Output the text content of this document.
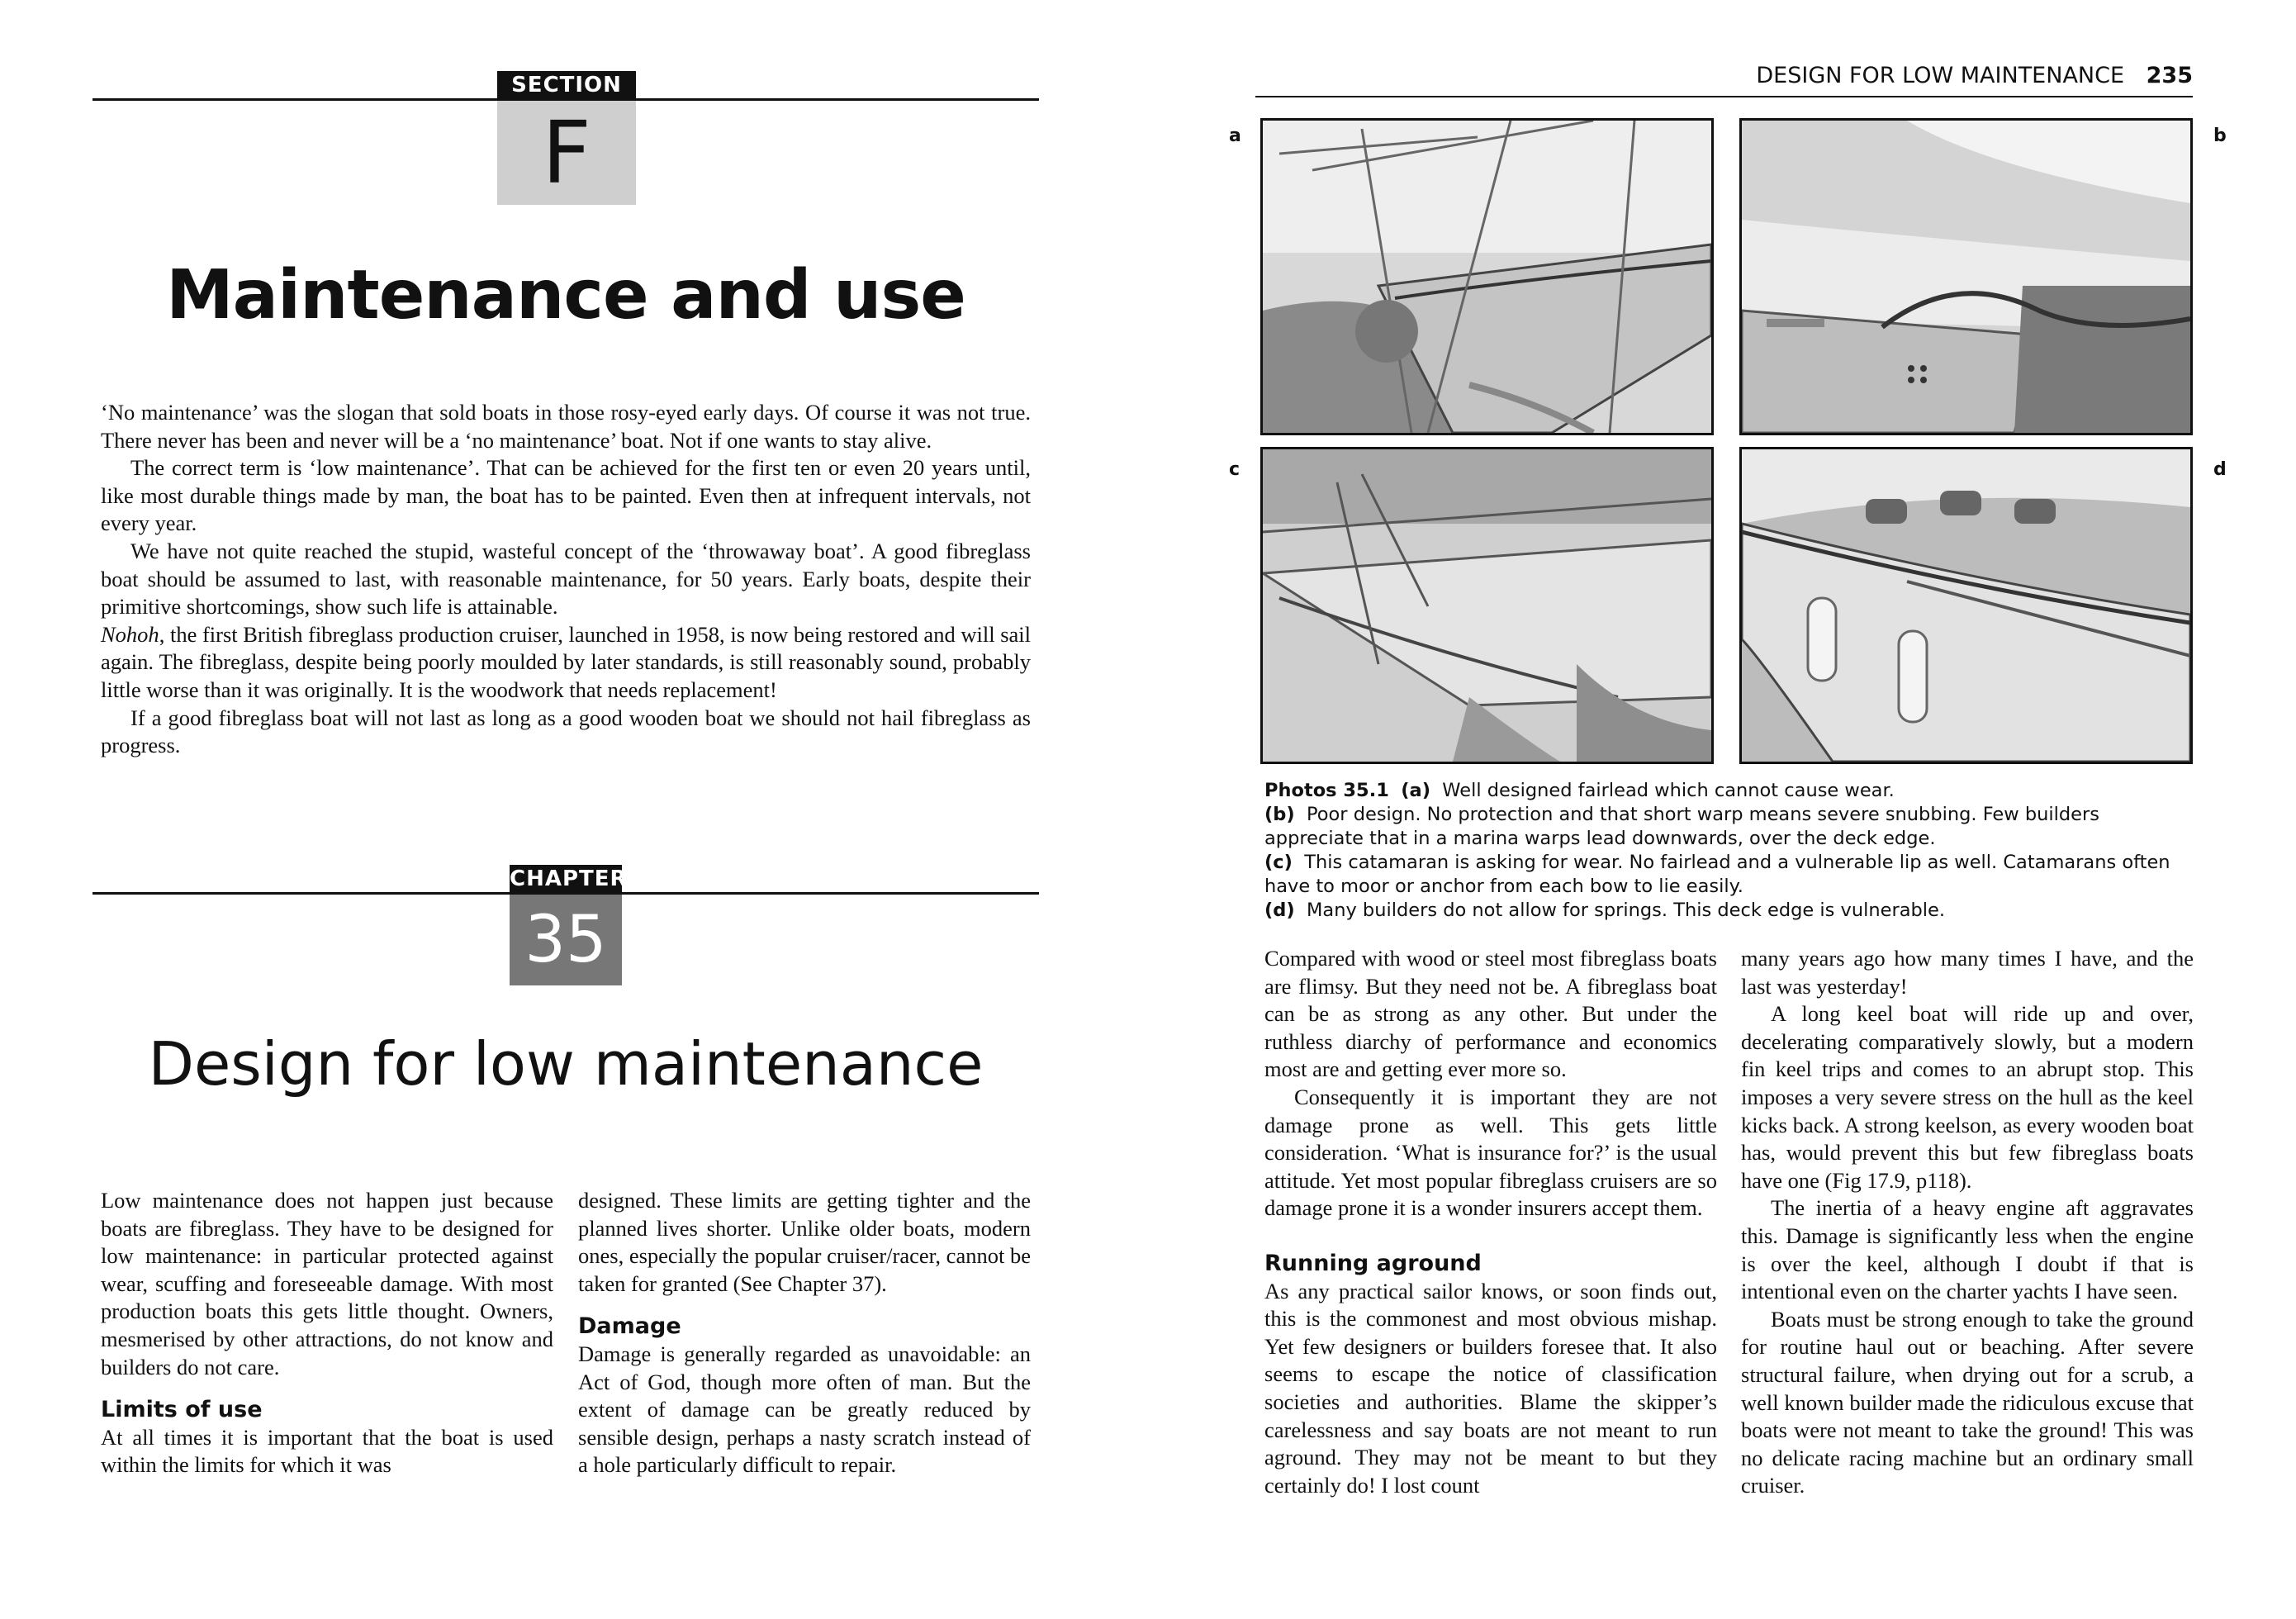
SECTION
F
Maintenance and use

‘No maintenance’ was the slogan that sold boats in those rosy-eyed early days. Of course it was not true. There never has been and never will be a ‘no maintenance’ boat. Not if one wants to stay alive.

The correct term is ‘low maintenance’. That can be achieved for the first ten or even 20 years until, like most durable things made by man, the boat has to be painted. Even then at infrequent intervals, not every year.

We have not quite reached the stupid, wasteful concept of the ‘throwaway boat’. A good fibreglass boat should be assumed to last, with reasonable maintenance, for 50 years. Early boats, despite their primitive shortcomings, show such life is attainable.

Nohoh, the first British fibreglass production cruiser, launched in 1958, is now being restored and will sail again. The fibreglass, despite being poorly moulded by later standards, is still reasonably sound, probably little worse than it was originally. It is the woodwork that needs replacement!

If a good fibreglass boat will not last as long as a good wooden boat we should not hail fibreglass as progress.

CHAPTER
35
Design for low maintenance

Low maintenance does not happen just because boats are fibreglass. They have to be designed for low maintenance: in particular protected against wear, scuffing and foreseeable damage. With most production boats this gets little thought. Owners, mesmerised by other attractions, do not know and builders do not care.

Limits of use

At all times it is important that the boat is used within the limits for which it was

designed. These limits are getting tighter and the planned lives shorter. Unlike older boats, modern ones, especially the popular cruiser/racer, cannot be taken for granted (See Chapter 37).

Damage

Damage is generally regarded as unavoidable: an Act of God, though more often of man. But the extent of damage can be greatly reduced by sensible design, perhaps a nasty scratch instead of a hole particularly difficult to repair.

DESIGN FOR LOW MAINTENANCE 235
a	b
c	d

Photos 35.1 (a) Well designed fairlead which cannot cause wear.

(b) Poor design. No protection and that short warp means severe snubbing. Few builders appreciate that in a marina warps lead downwards, over the deck edge.

(c) This catamaran is asking for wear. No fairlead and a vulnerable lip as well. Catamarans often have to moor or anchor from each bow to lie easily.

(d) Many builders do not allow for springs. This deck edge is vulnerable.

Compared with wood or steel most fibreglass boats are flimsy. But they need not be. A fibreglass boat can be as strong as any other. But under the ruthless diarchy of performance and economics most are and getting ever more so.

Consequently it is important they are not damage prone as well. This gets little consideration. ‘What is insurance for?’ is the usual attitude. Yet most popular fibreglass cruisers are so damage prone it is a wonder insurers accept them.

Running aground

As any practical sailor knows, or soon finds out, this is the commonest and most obvious mishap. Yet few designers or builders foresee that. It also seems to escape the notice of classification societies and authorities. Blame the skipper’s carelessness and say boats are not meant to run aground. They may not be meant to but they certainly do! I lost count

many years ago how many times I have, and the last was yesterday!

A long keel boat will ride up and over, decelerating comparatively slowly, but a modern fin keel trips and comes to an abrupt stop. This imposes a very severe stress on the hull as the keel kicks back. A strong keelson, as every wooden boat has, would prevent this but few fibreglass boats have one (Fig 17.9, p118).

The inertia of a heavy engine aft aggravates this. Damage is significantly less when the engine is over the keel, although I doubt if that is intentional even on the charter yachts I have seen.

Boats must be strong enough to take the ground for routine haul out or beaching. After severe structural failure, when drying out for a scrub, a well known builder made the ridiculous excuse that boats were not meant to take the ground! This was no delicate racing machine but an ordinary small cruiser.
